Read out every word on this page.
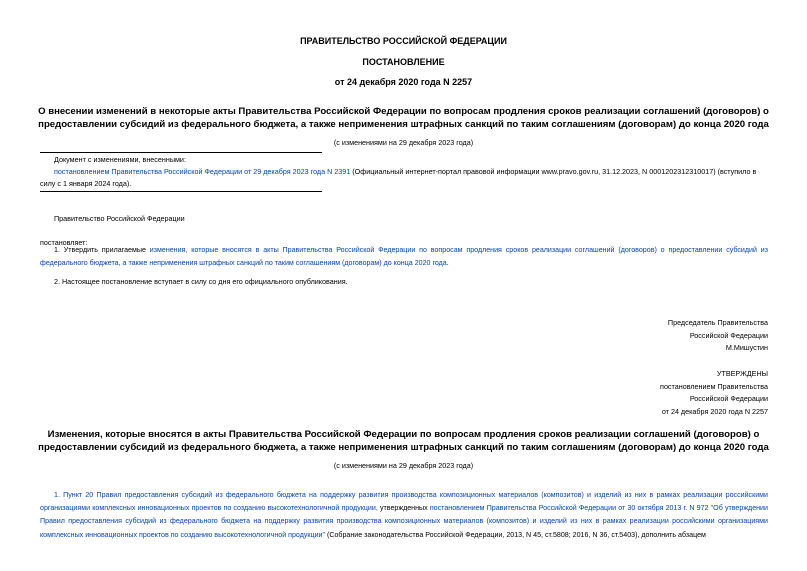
ПРАВИТЕЛЬСТВО РОССИЙСКОЙ ФЕДЕРАЦИИ
ПОСТАНОВЛЕНИЕ
от 24 декабря 2020 года N 2257
О внесении изменений в некоторые акты Правительства Российской Федерации по вопросам продления сроков реализации соглашений (договоров) о
предоставлении субсидий из федерального бюджета, а также неприменения штрафных санкций по таким соглашениям (договорам) до конца 2020 года
(с изменениями на 29 декабря 2023 года)
Документ с изменениями, внесенными:
постановлением Правительства Российской Федерации от 29 декабря 2023 года N 2391 (Официальный интернет-портал правовой информации www.pravo.gov.ru, 31.12.2023, N 0001202312310017) (вступило в
силу с 1 января 2024 года).
Правительство Российской Федерации
постановляет:
1. Утвердить прилагаемые изменения, которые вносятся в акты Правительства Российской Федерации по вопросам продления сроков реализации соглашений (договоров) о предоставлении субсидий из федерального бюджета, а также неприменения штрафных санкций по таким соглашениям (договорам) до конца 2020 года.
2. Настоящее постановление вступает в силу со дня его официального опубликования.
Председатель Правительства
Российской Федерации
М.Мишустин
УТВЕРЖДЕНЫ
постановлением Правительства
Российской Федерации
от 24 декабря 2020 года N 2257
Изменения, которые вносятся в акты Правительства Российской Федерации по вопросам продления сроков реализации соглашений (договоров) о
предоставлении субсидий из федерального бюджета, а также неприменения штрафных санкций по таким соглашениям (договорам) до конца 2020 года
(с изменениями на 29 декабря 2023 года)
1. Пункт 20 Правил предоставления субсидий из федерального бюджета на поддержку развития производства композиционных материалов (композитов) и изделий из них в рамках реализации российскими организациями комплексных инновационных проектов по созданию высокотехнологичной продукции, утвержденных постановлением Правительства Российской Федерации от 30 октября 2013 г. N 972 "Об утверждении Правил предоставления субсидий из федерального бюджета на поддержку развития производства композиционных материалов (композитов) и изделий из них в рамках реализации российскими организациями комплексных инновационных проектов по созданию высокотехнологичной продукции" (Собрание законодательства Российской Федерации, 2013, N 45, ст.5808; 2016, N 36, ст.5403), дополнить абзацем
